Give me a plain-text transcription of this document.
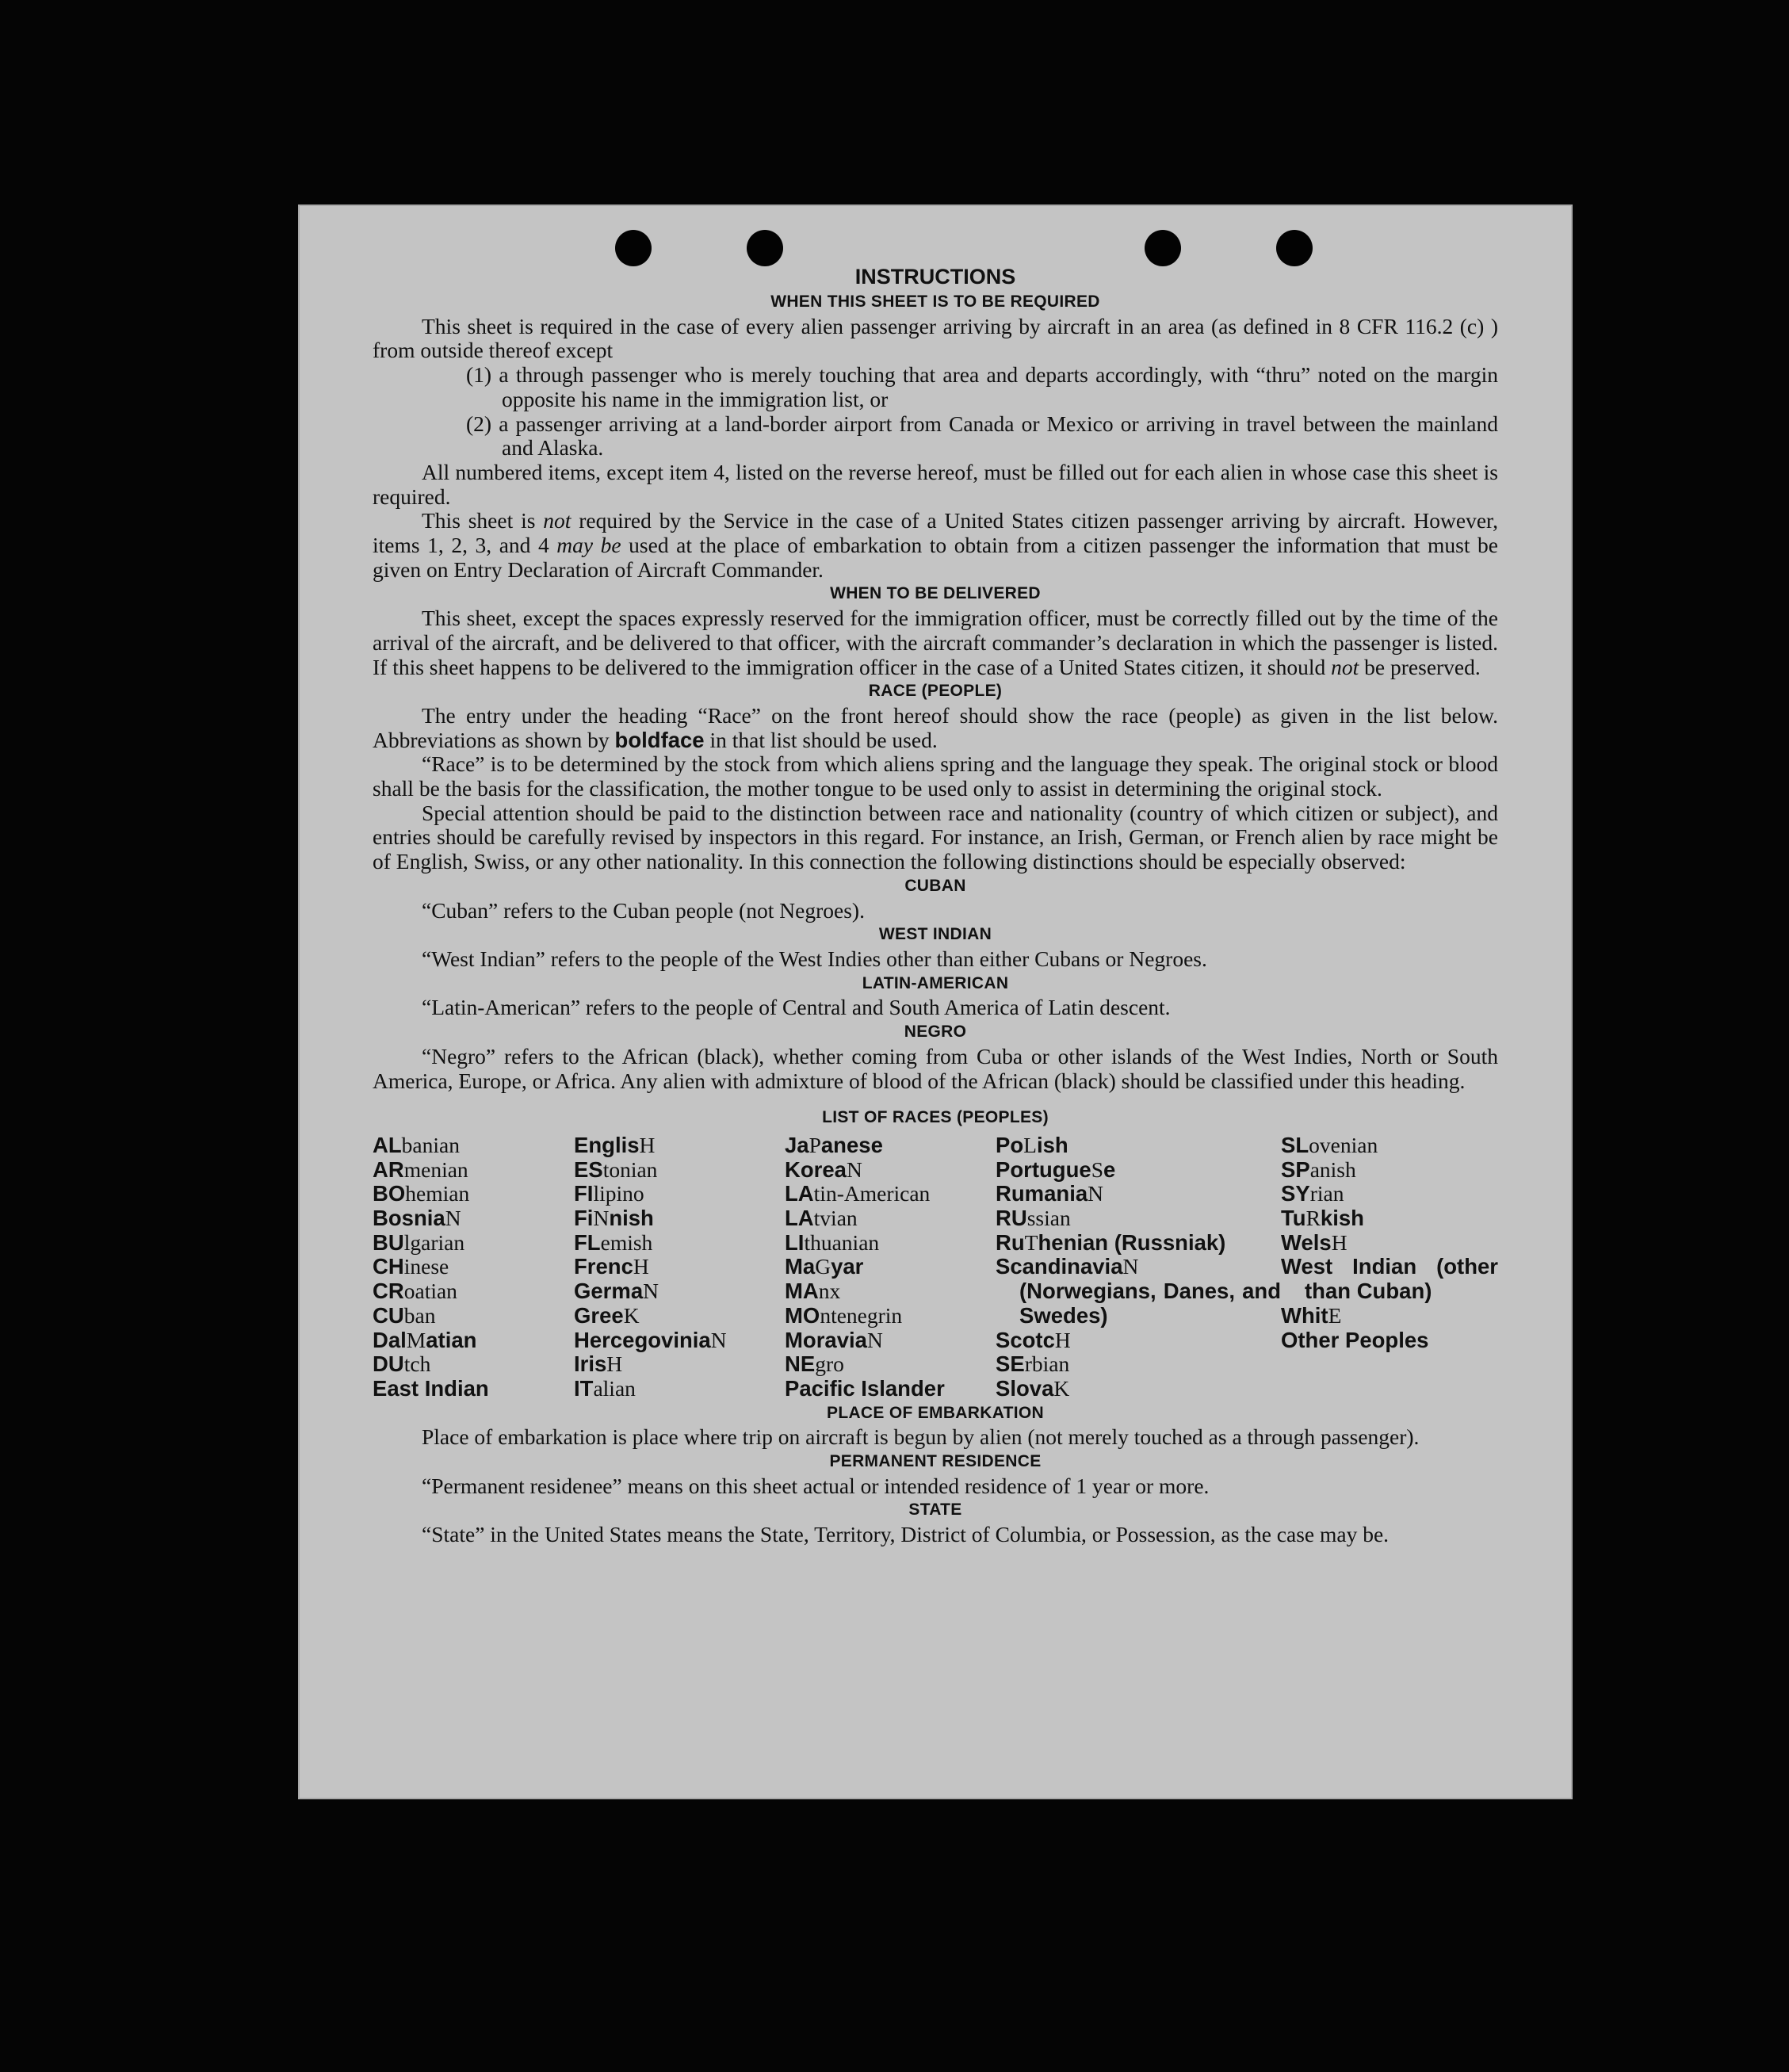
INSTRUCTIONS
WHEN THIS SHEET IS TO BE REQUIRED

This sheet is required in the case of every alien passenger arriving by aircraft in an area (as defined in 8 CFR 116.2 (c) ) from outside thereof except

(1) a through passenger who is merely touching that area and departs accordingly, with “thru” noted on the margin opposite his name in the immigration list, or

(2) a passenger arriving at a land-border airport from Canada or Mexico or arriving in travel between the mainland and Alaska.

All numbered items, except item 4, listed on the reverse hereof, must be filled out for each alien in whose case this sheet is required.

This sheet is not required by the Service in the case of a United States citizen passenger arriving by aircraft. However, items 1, 2, 3, and 4 may be used at the place of embarkation to obtain from a citizen passenger the information that must be given on Entry Declaration of Aircraft Commander.

WHEN TO BE DELIVERED

This sheet, except the spaces expressly reserved for the immigration officer, must be correctly filled out by the time of the arrival of the aircraft, and be delivered to that officer, with the aircraft commander’s declaration in which the passenger is listed. If this sheet happens to be delivered to the immigration officer in the case of a United States citizen, it should not be preserved.

RACE (PEOPLE)

The entry under the heading “Race” on the front hereof should show the race (people) as given in the list below. Abbreviations as shown by boldface in that list should be used.

“Race” is to be determined by the stock from which aliens spring and the language they speak. The original stock or blood shall be the basis for the classification, the mother tongue to be used only to assist in determining the original stock.

Special attention should be paid to the distinction between race and nationality (country of which citizen or subject), and entries should be carefully revised by inspectors in this regard. For instance, an Irish, German, or French alien by race might be of English, Swiss, or any other nationality. In this connection the following distinctions should be especially observed:

CUBAN

“Cuban” refers to the Cuban people (not Negroes).

WEST INDIAN

“West Indian” refers to the people of the West Indies other than either Cubans or Negroes.

LATIN-AMERICAN

“Latin-American” refers to the people of Central and South America of Latin descent.

NEGRO

“Negro” refers to the African (black), whether coming from Cuba or other islands of the West Indies, North or South America, Europe, or Africa. Any alien with admixture of blood of the African (black) should be classified under this heading.

LIST OF RACES (PEOPLES)
ALbanian
ARmenian
BOhemian
BosniaN
BUlgarian
CHinese
CRoatian
CUban
DalMatian
DUtch
East Indian
EnglisH
EStonian
FIlipino
FiNnish
FLemish
FrencH
GermaN
GreeK
HercegoviniaN
IrisH
ITalian
JaPanese
KoreaN
LAtin-American
LAtvian
LIthuanian
MaGyar
MAnx
MOntenegrin
MoraviaN
NEgro
Pacific Islander
PoLish
PortugueSe
RumaniaN
RUssian
RuThenian (Russniak)
ScandinaviaN (Norwegians, Danes, and Swedes)
ScotcH
SErbian
SlovaK
SLovenian
SPanish
SYrian
TuRkish
WelsH
West Indian (other than Cuban)
WhitE
Other Peoples
PLACE OF EMBARKATION

Place of embarkation is place where trip on aircraft is begun by alien (not merely touched as a through passenger).

PERMANENT RESIDENCE

“Permanent residenee” means on this sheet actual or intended residence of 1 year or more.

STATE

“State” in the United States means the State, Territory, District of Columbia, or Possession, as the case may be.
